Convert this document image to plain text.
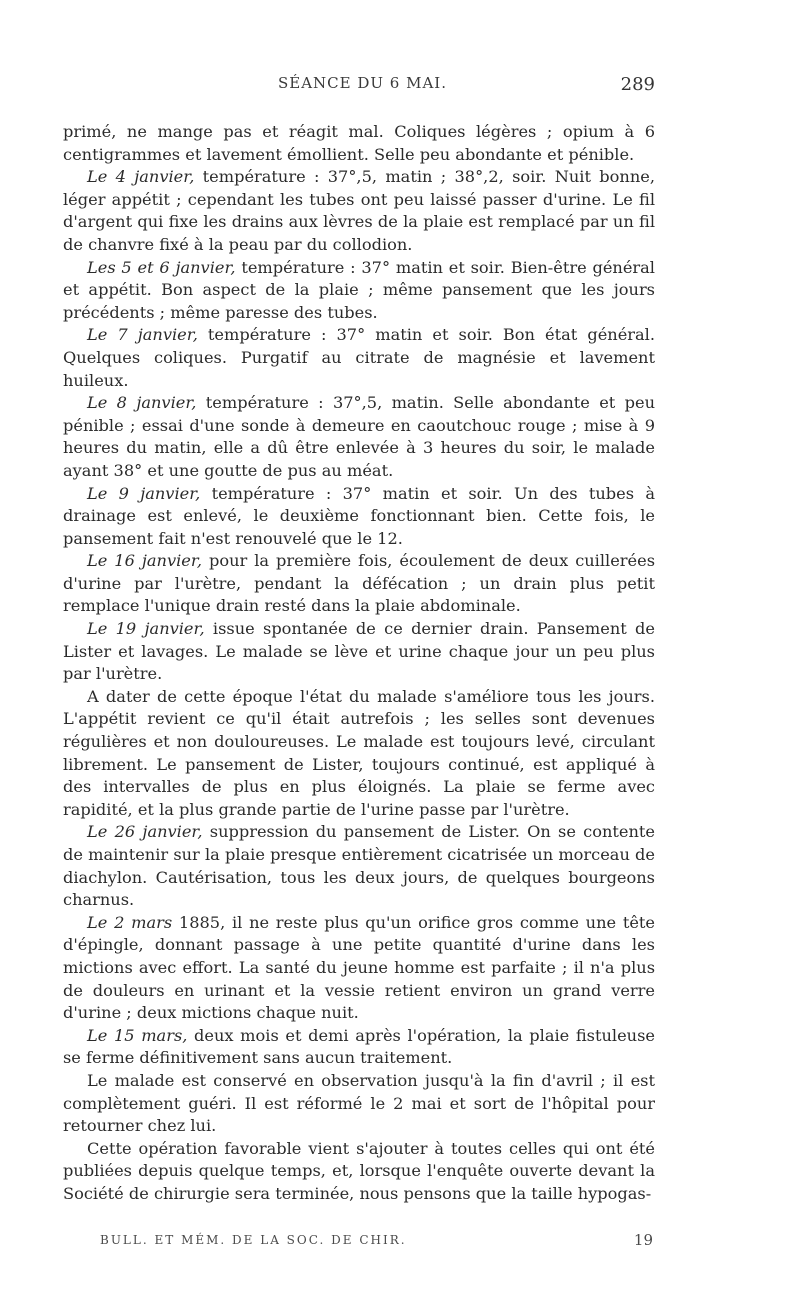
SÉANCE DU 6 MAI.	289

primé, ne mange pas et réagit mal. Coliques légères ; opium à 6 centigrammes et lavement émollient. Selle peu abondante et pénible.

Le 4 janvier, température : 37°,5, matin ; 38°,2, soir. Nuit bonne, léger appétit ; cependant les tubes ont peu laissé passer d'urine. Le fil d'argent qui fixe les drains aux lèvres de la plaie est remplacé par un fil de chanvre fixé à la peau par du collodion.

Les 5 et 6 janvier, température : 37° matin et soir. Bien-être général et appétit. Bon aspect de la plaie ; même pansement que les jours précédents ; même paresse des tubes.

Le 7 janvier, température : 37° matin et soir. Bon état général. Quelques coliques. Purgatif au citrate de magnésie et lavement huileux.

Le 8 janvier, température : 37°,5, matin. Selle abondante et peu pénible ; essai d'une sonde à demeure en caoutchouc rouge ; mise à 9 heures du matin, elle a dû être enlevée à 3 heures du soir, le malade ayant 38° et une goutte de pus au méat.

Le 9 janvier, température : 37° matin et soir. Un des tubes à drainage est enlevé, le deuxième fonctionnant bien. Cette fois, le pansement fait n'est renouvelé que le 12.

Le 16 janvier, pour la première fois, écoulement de deux cuillerées d'urine par l'urètre, pendant la défécation ; un drain plus petit remplace l'unique drain resté dans la plaie abdominale.

Le 19 janvier, issue spontanée de ce dernier drain. Pansement de Lister et lavages. Le malade se lève et urine chaque jour un peu plus par l'urètre.

A dater de cette époque l'état du malade s'améliore tous les jours. L'appétit revient ce qu'il était autrefois ; les selles sont devenues régulières et non douloureuses. Le malade est toujours levé, circulant librement. Le pansement de Lister, toujours continué, est appliqué à des intervalles de plus en plus éloignés. La plaie se ferme avec rapidité, et la plus grande partie de l'urine passe par l'urètre.

Le 26 janvier, suppression du pansement de Lister. On se contente de maintenir sur la plaie presque entièrement cicatrisée un morceau de diachylon. Cautérisation, tous les deux jours, de quelques bourgeons charnus.

Le 2 mars 1885, il ne reste plus qu'un orifice gros comme une tête d'épingle, donnant passage à une petite quantité d'urine dans les mictions avec effort. La santé du jeune homme est parfaite ; il n'a plus de douleurs en urinant et la vessie retient environ un grand verre d'urine ; deux mictions chaque nuit.

Le 15 mars, deux mois et demi après l'opération, la plaie fistuleuse se ferme définitivement sans aucun traitement.

Le malade est conservé en observation jusqu'à la fin d'avril ; il est complètement guéri. Il est réformé le 2 mai et sort de l'hôpital pour retourner chez lui.

Cette opération favorable vient s'ajouter à toutes celles qui ont été publiées depuis quelque temps, et, lorsque l'enquête ouverte devant la Société de chirurgie sera terminée, nous pensons que la taille hypogas-

BULL. ET MÉM. DE LA SOC. DE CHIR.	19
